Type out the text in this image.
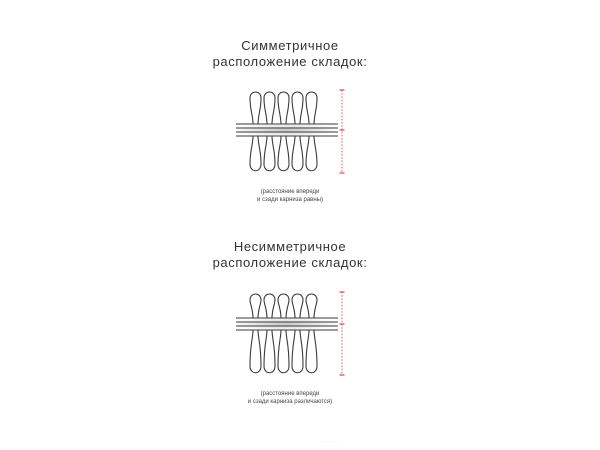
Симметричное
расположение складок:
(расстояние впереди
и сзади карниза равны)
Несимметричное
расположение складок:
(расстояние впереди
и сзади карниза различаются)
